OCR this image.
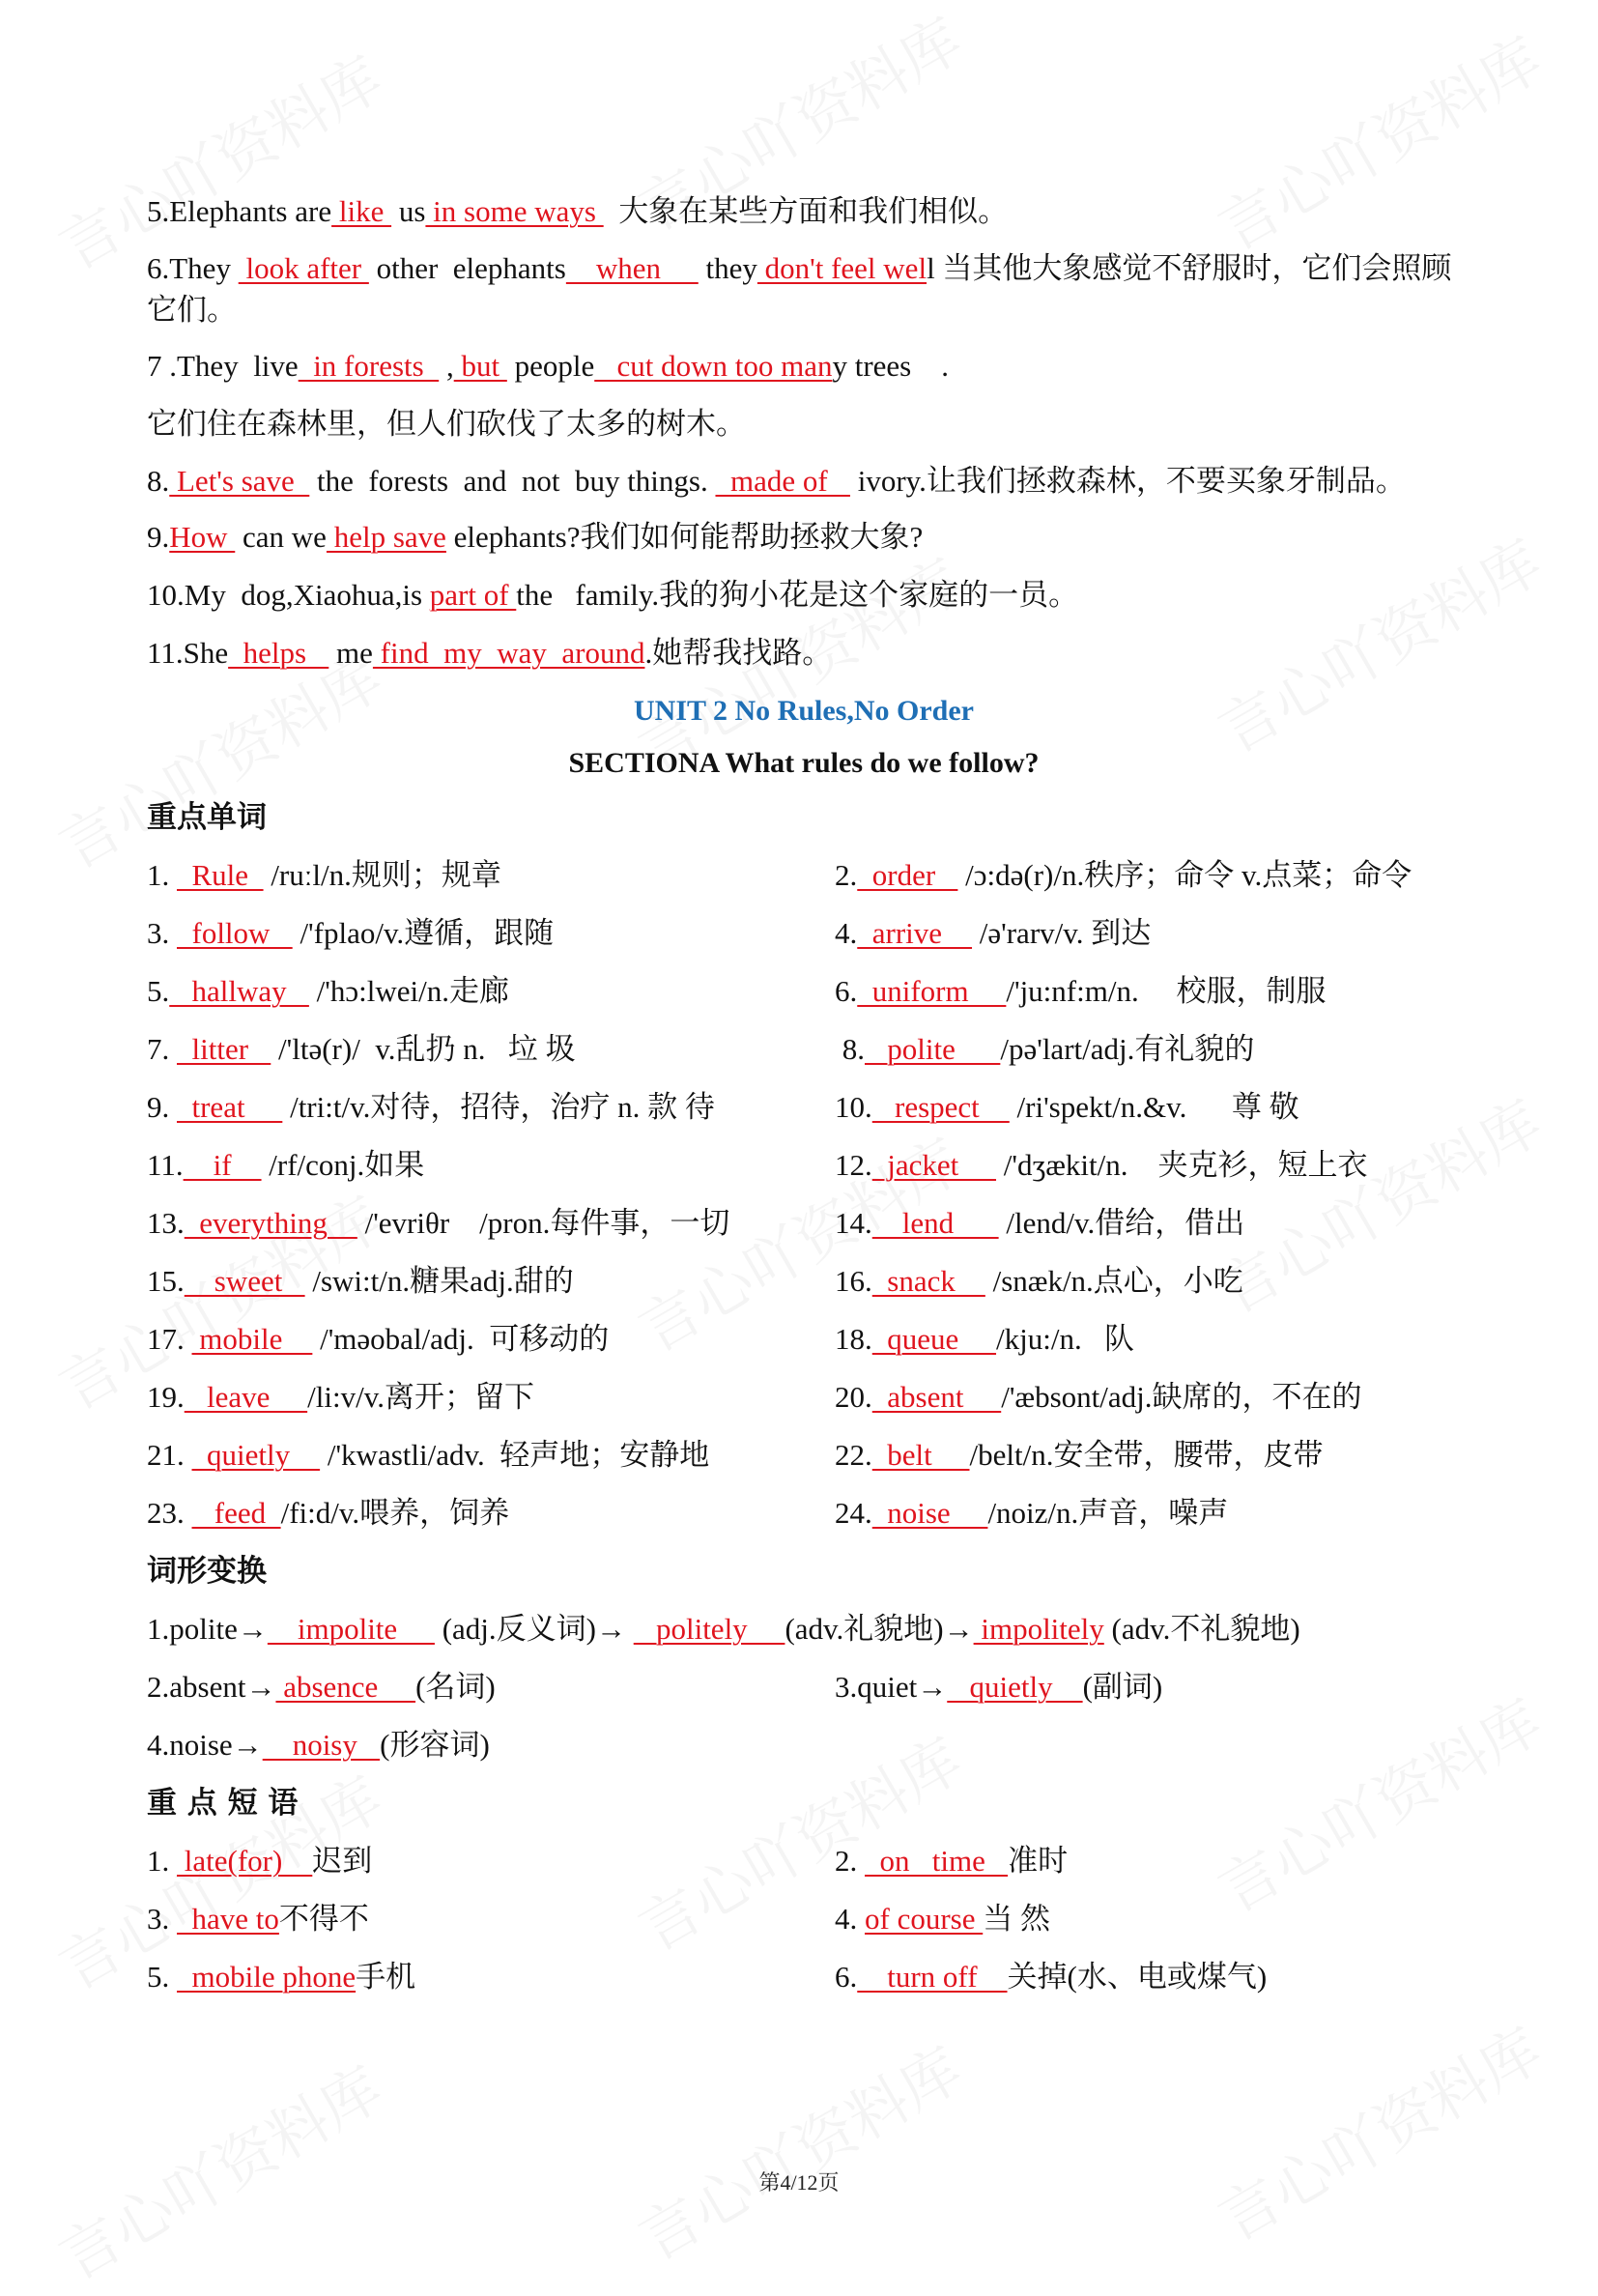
5.Elephants are like  us in some ways   大象在某些方面和我们相似。
6.They  look after  other  elephants    when      they don't feel well 当其他大象感觉不舒服时，它们会照顾它们。
7 .They  live  in forests   , but  people   cut down too many trees    .
它们住在森林里，但人们砍伐了太多的树木。
8. Let's save   the  forests  and  not  buy things.   made of    ivory.让我们拯救森林，不要买象牙制品。
9.How  can we help save elephants?我们如何能帮助拯救大象?
10.My  dog,Xiaohua,is part of the   family.我的狗小花是这个家庭的一员。
11.She  helps    me find  my  way  around.她帮我找路。
UNIT 2 No Rules,No Order
SECTIONA What rules do we follow?
重点单词
1.   Rule   /ruːl/n.规则；规章	2.  order    /ɔ:də(r)/n.秩序；命令 v.点菜；命令
3.   follow    /'fplao/v.遵循，跟随	4.  arrive     /ə'rarv/v. 到达
5.   hallway    /'hɔ:lwei/n.走廊	6.  uniform     /'ju:nf:m/n.     校服，制服
7.   litter    /'ltə(r)/  v.乱扔 n.   垃 圾	8.   polite      /pə'lart/adj.有礼貌的
9.   treat      /tri:t/v.对待，招待，治疗 n. 款 待	10.   respect     /ri'spekt/n.&v.      尊 敬
11.    if     /rf/conj.如果	12.  jacket      /'dʒækit/n.    夹克衫，短上衣
13.  everything     /'evriθr    /pron.每件事，一切	14.    lend       /lend/v.借给，借出
15.    sweet    /swi:t/n.糖果adj.甜的	16.  snack     /snæk/n.点心，小吃
17.  mobile     /'məobal/adj.  可移动的	18.  queue     /kju:/n.   队
19.   leave     /li:v/v.离开；留下	20.  absent     /'æbsont/adj.缺席的，不在的
21.   quietly     /'kwastli/adv.  轻声地；安静地	22.  belt     /belt/n.安全带，腰带，皮带
23.    feed  /fi:d/v.喂养，饲养	24.  noise     /noiz/n.声音，噪声
词形变换
1.polite→    impolite      (adj.反义词)→    politely     (adv.礼貌地)→ impolitely (adv.不礼貌地)
2.absent→ absence     (名词)	3.quiet→   quietly    (副词)
4.noise→    noisy   (形容词)
重 点 短 语
1.  late(for)    迟到	2.   on   time   准时
3.   have to不得不	4. of course 当 然
5.   mobile phone手机	6.    turn off    关掉(水、电或煤气)
第4/12页
